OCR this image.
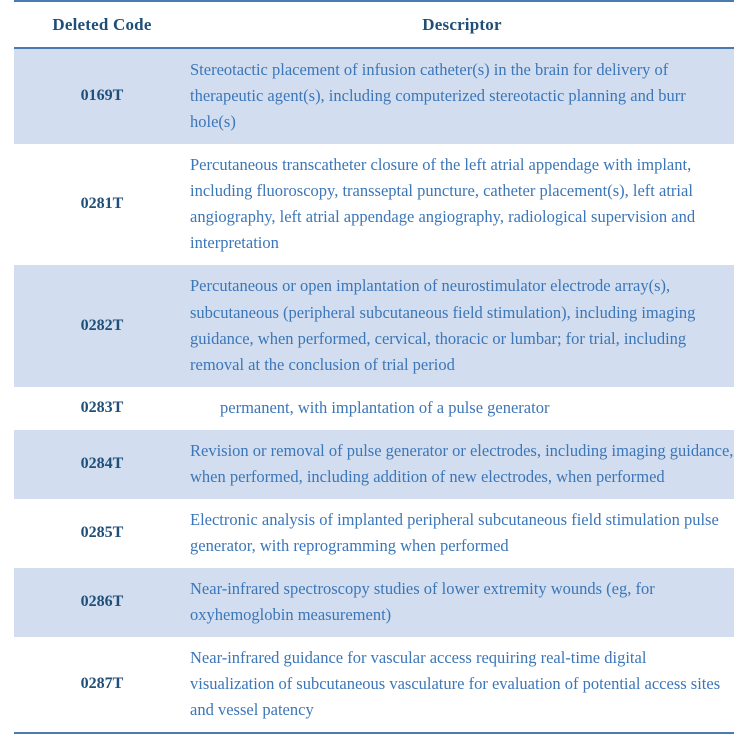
Deleted Code	Descriptor
0169T	Stereotactic placement of infusion catheter(s) in the brain for delivery of therapeutic agent(s), including computerized stereotactic planning and burr hole(s)
0281T	Percutaneous transcatheter closure of the left atrial appendage with implant, including fluoroscopy, transseptal puncture, catheter placement(s), left atrial angiography, left atrial appendage angiography, radiological supervision and interpretation
0282T	Percutaneous or open implantation of neurostimulator electrode array(s), subcutaneous (peripheral subcutaneous field stimulation), including imaging guidance, when performed, cervical, thoracic or lumbar; for trial, including removal at the conclusion of trial period
0283T	permanent, with implantation of a pulse generator
0284T	Revision or removal of pulse generator or electrodes, including imaging guidance, when performed, including addition of new electrodes, when performed
0285T	Electronic analysis of implanted peripheral subcutaneous field stimulation pulse generator, with reprogramming when performed
0286T	Near-infrared spectroscopy studies of lower extremity wounds (eg, for oxyhemoglobin measurement)
0287T	Near-infrared guidance for vascular access requiring real-time digital visualization of subcutaneous vasculature for evaluation of potential access sites and vessel patency
